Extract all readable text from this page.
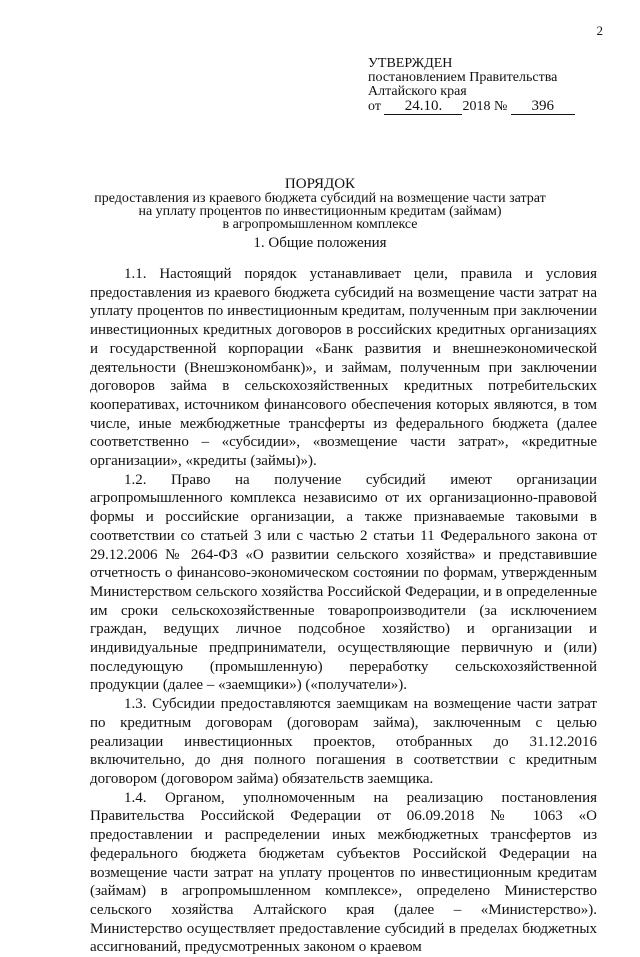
2
УТВЕРЖДЕН
постановлением Правительства
Алтайского края
от 24.10. 2018 № 396
ПОРЯДОК
предоставления из краевого бюджета субсидий на возмещение части затрат
на уплату процентов по инвестиционным кредитам (займам)
в агропромышленном комплексе
1. Общие положения

1.1. Настоящий порядок устанавливает цели, правила и условия предоставления из краевого бюджета субсидий на возмещение части затрат на уплату процентов по инвестиционным кредитам, полученным при заключении инвестиционных кредитных договоров в российских кредитных организациях и государственной корпорации «Банк развития и внешнеэкономической деятельности (Внешэкономбанк)», и займам, полученным при заключении договоров займа в сельскохозяйственных кредитных потребительских кооперативах, источником финансового обеспечения которых являются, в том числе, иные межбюджетные трансферты из федерального бюджета (далее соответственно – «субсидии», «возмещение части затрат», «кредитные организации», «кредиты (займы)»).

1.2. Право на получение субсидий имеют организации агропромышленного комплекса независимо от их организационно-правовой формы и российские организации, а также признаваемые таковыми в соответствии со статьей 3 или с частью 2 статьи 11 Федерального закона от 29.12.2006 № 264-ФЗ «О развитии сельского хозяйства» и представившие отчетность о финансово-экономическом состоянии по формам, утвержденным Министерством сельского хозяйства Российской Федерации, и в определенные им сроки сельскохозяйственные товаропроизводители (за исключением граждан, ведущих личное подсобное хозяйство) и организации и индивидуальные предприниматели, осуществляющие первичную и (или) последующую (промышленную) переработку сельскохозяйственной продукции (далее – «заемщики») («получатели»).

1.3. Субсидии предоставляются заемщикам на возмещение части затрат по кредитным договорам (договорам займа), заключенным с целью реализации инвестиционных проектов, отобранных до 31.12.2016 включительно, до дня полного погашения в соответствии с кредитным договором (договором займа) обязательств заемщика.

1.4. Органом, уполномоченным на реализацию постановления Правительства Российской Федерации от 06.09.2018 № 1063 «О предоставлении и распределении иных межбюджетных трансфертов из федерального бюджета бюджетам субъектов Российской Федерации на возмещение части затрат на уплату процентов по инвестиционным кредитам (займам) в агропромышленном комплексе», определено Министерство сельского хозяйства Алтайского края (далее – «Министерство»). Министерство осуществляет предоставление субсидий в пределах бюджетных ассигнований, предусмотренных законом о краевом
